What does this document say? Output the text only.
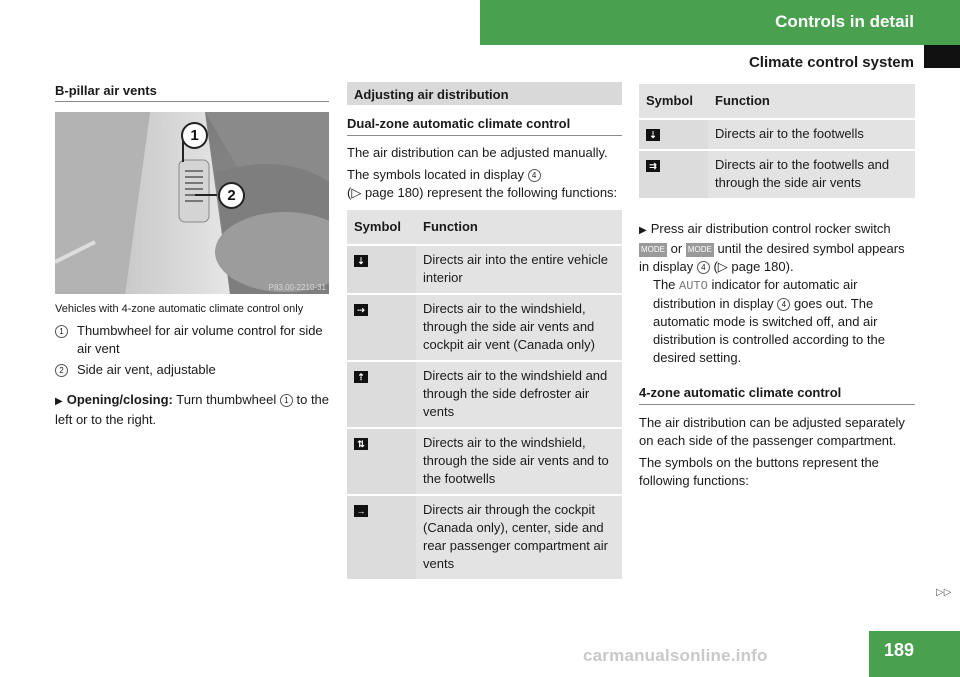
Controls in detail
Climate control system
B-pillar air vents
1
2
P83.00-2210-31
Vehicles with 4-zone automatic climate control only
1	Thumbwheel for air volume control for side air vent
2	Side air vent, adjustable
▶ Opening/closing: Turn thumbwheel 1 to the left or to the right.
Adjusting air distribution
Dual-zone automatic climate control

The air distribution can be adjusted manually.

The symbols located in display 4
(▷ page 180) represent the following functions:

Symbol	Function
⇣	Directs air into the entire vehicle interior
⇢	Directs air to the windshield, through the side air vents and cockpit air vent (Canada only)
⇡	Directs air to the windshield and through the side defroster air vents
⇅	Directs air to the windshield, through the side air vents and to the footwells
→	Directs air through the cockpit (Canada only), center, side and rear passenger compartment air vents
Symbol	Function
⇣	Directs air to the footwells
⇉	Directs air to the footwells and through the side air vents
▶ Press air distribution control rocker switch MODE or MODE until the desired symbol appears in display 4 (▷ page 180).

The AUTO indicator for automatic air distribution in display 4 goes out. The automatic mode is switched off, and air distribution is controlled according to the desired setting.

4-zone automatic climate control

The air distribution can be adjusted separately on each side of the passenger compartment.

The symbols on the buttons represent the following functions:

▷▷
189
carmanualsonline.info
